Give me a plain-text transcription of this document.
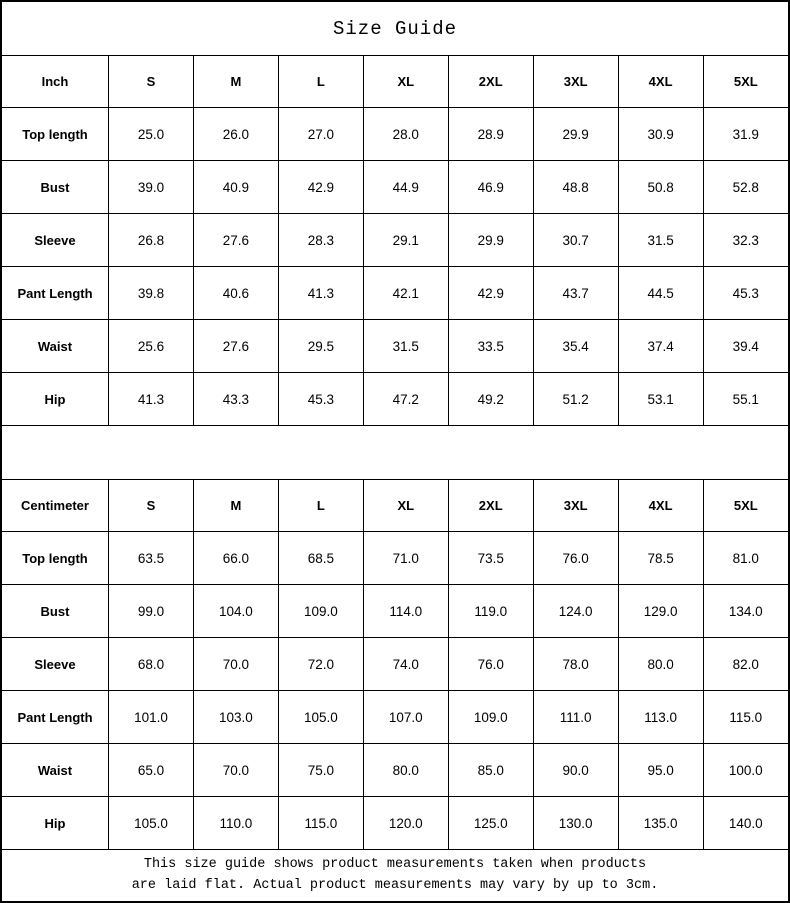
Size Guide
Inch	S	M	L	XL	2XL	3XL	4XL	5XL
Top length	25.0	26.0	27.0	28.0	28.9	29.9	30.9	31.9
Bust	39.0	40.9	42.9	44.9	46.9	48.8	50.8	52.8
Sleeve	26.8	27.6	28.3	29.1	29.9	30.7	31.5	32.3
Pant Length	39.8	40.6	41.3	42.1	42.9	43.7	44.5	45.3
Waist	25.6	27.6	29.5	31.5	33.5	35.4	37.4	39.4
Hip	41.3	43.3	45.3	47.2	49.2	51.2	53.1	55.1
Centimeter	S	M	L	XL	2XL	3XL	4XL	5XL
Top length	63.5	66.0	68.5	71.0	73.5	76.0	78.5	81.0
Bust	99.0	104.0	109.0	114.0	119.0	124.0	129.0	134.0
Sleeve	68.0	70.0	72.0	74.0	76.0	78.0	80.0	82.0
Pant Length	101.0	103.0	105.0	107.0	109.0	111.0	113.0	115.0
Waist	65.0	70.0	75.0	80.0	85.0	90.0	95.0	100.0
Hip	105.0	110.0	115.0	120.0	125.0	130.0	135.0	140.0
This size guide shows product measurements taken when products
are laid flat. Actual product measurements may vary by up to 3cm.
